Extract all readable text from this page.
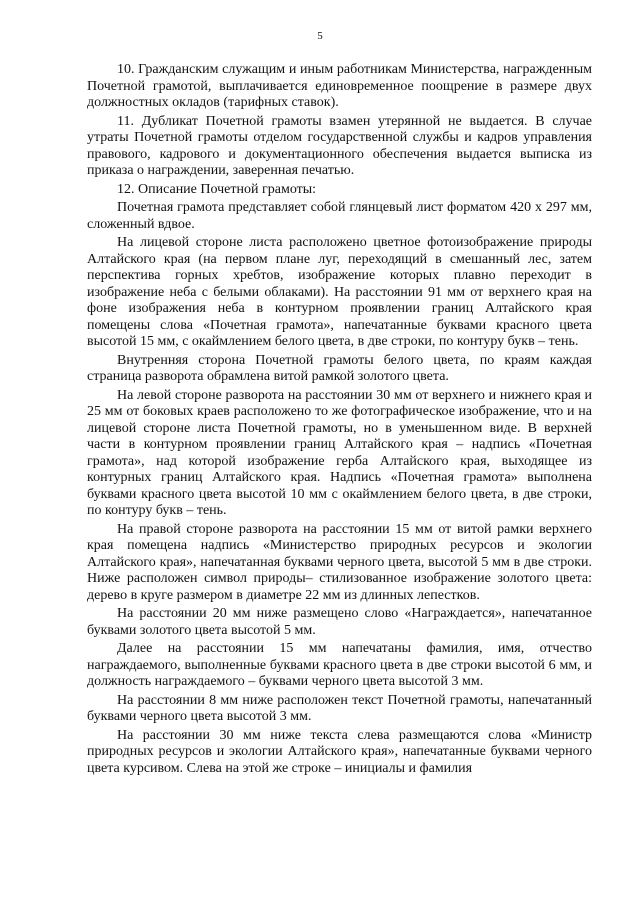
5

10. Гражданским служащим и иным работникам Министерства, награжденным Почетной грамотой, выплачивается единовременное поощрение в размере двух должностных окладов (тарифных ставок).

11. Дубликат Почетной грамоты взамен утерянной не выдается. В случае утраты Почетной грамоты отделом государственной службы и кадров управления правового, кадрового и документационного обеспечения выдается выписка из приказа о награждении, заверенная печатью.

12. Описание Почетной грамоты:

Почетная грамота представляет собой глянцевый лист форматом 420 х 297 мм, сложенный вдвое.

На лицевой стороне листа расположено цветное фотоизображение природы Алтайского края (на первом плане луг, переходящий в смешанный лес, затем перспектива горных хребтов, изображение которых плавно переходит в изображение неба с белыми облаками). На расстоянии 91 мм от верхнего края на фоне изображения неба в контурном проявлении границ Алтайского края помещены слова «Почетная грамота», напечатанные буквами красного цвета высотой 15 мм, с окаймлением белого цвета, в две строки, по контуру букв – тень.

Внутренняя сторона Почетной грамоты белого цвета, по краям каждая страница разворота обрамлена витой рамкой золотого цвета.

На левой стороне разворота на расстоянии 30 мм от верхнего и нижнего края и 25 мм от боковых краев расположено то же фотографическое изображение, что и на лицевой стороне листа Почетной грамоты, но в уменьшенном виде. В верхней части в контурном проявлении границ Алтайского края – надпись «Почетная грамота», над которой изображение герба Алтайского края, выходящее из контурных границ Алтайского края. Надпись «Почетная грамота» выполнена буквами красного цвета высотой 10 мм с окаймлением белого цвета, в две строки, по контуру букв – тень.

На правой стороне разворота на расстоянии 15 мм от витой рамки верхнего края помещена надпись «Министерство природных ресурсов и экологии Алтайского края», напечатанная буквами черного цвета, высотой 5 мм в две строки. Ниже расположен символ природы– стилизованное изображение золотого цвета: дерево в круге размером в диаметре 22 мм из длинных лепестков.

На расстоянии 20 мм ниже размещено слово «Награждается», напечатанное буквами золотого цвета высотой 5 мм.

Далее на расстоянии 15 мм напечатаны фамилия, имя, отчество награждаемого, выполненные буквами красного цвета в две строки высотой 6 мм, и должность награждаемого – буквами черного цвета высотой 3 мм.

На расстоянии 8 мм ниже расположен текст Почетной грамоты, напечатанный буквами черного цвета высотой 3 мм.

На расстоянии 30 мм ниже текста слева размещаются слова «Министр природных ресурсов и экологии Алтайского края», напечатанные буквами черного цвета курсивом. Слева на этой же строке – инициалы и фамилия
